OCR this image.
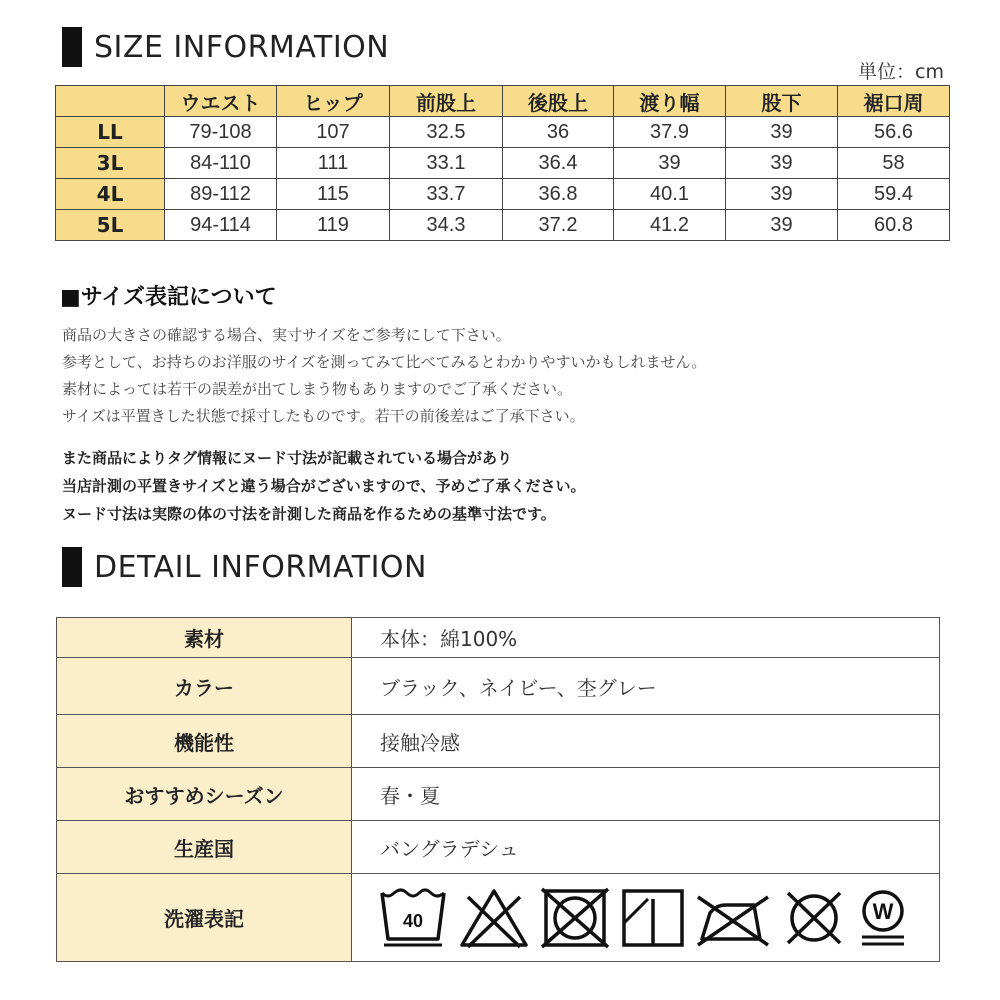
SIZE INFORMATION
単位：cm
	ウエスト	ヒップ	前股上	後股上	渡り幅	股下	裾口周
LL	79-108	107	32.5	36	37.9	39	56.6
3L	84-110	111	33.1	36.4	39	39	58
4L	89-112	115	33.7	36.8	40.1	39	59.4
5L	94-114	119	34.3	37.2	41.2	39	60.8
■サイズ表記について
商品の大きさの確認する場合、実寸サイズをご参考にして下さい。
参考として、お持ちのお洋服のサイズを測ってみて比べてみるとわかりやすいかもしれません。
素材によっては若干の誤差が出てしまう物もありますのでご了承ください。
サイズは平置きした状態で採寸したものです。若干の前後差はご了承下さい。
また商品によりタグ情報にヌード寸法が記載されている場合があり
当店計測の平置きサイズと違う場合がございますので、予めご了承ください。
ヌード寸法は実際の体の寸法を計測した商品を作るための基準寸法です。
DETAIL INFORMATION
素材	本体：綿100%
カラー	ブラック、ネイビー、杢グレー
機能性	接触冷感
おすすめシーズン	春・夏
生産国	バングラデシュ
洗濯表記	40 W
